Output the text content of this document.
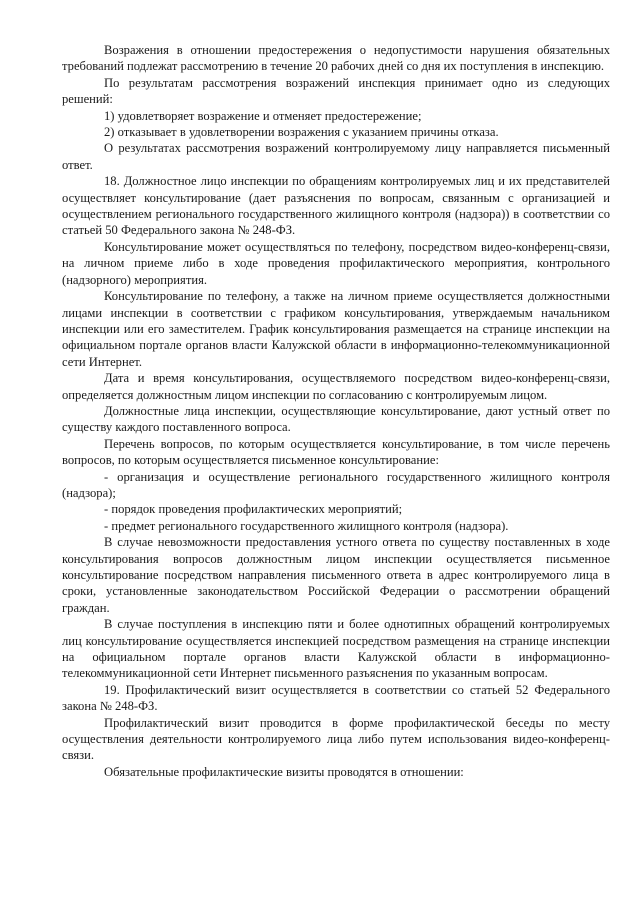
Возражения в отношении предостережения о недопустимости нарушения обязательных требований подлежат рассмотрению в течение 20 рабочих дней со дня их поступления в инспекцию.

По результатам рассмотрения возражений инспекция принимает одно из следующих решений:

1) удовлетворяет возражение и отменяет предостережение;

2) отказывает в удовлетворении возражения с указанием причины отказа.

О результатах рассмотрения возражений контролируемому лицу направляется письменный ответ.

18. Должностное лицо инспекции по обращениям контролируемых лиц и их представителей осуществляет консультирование (дает разъяснения по вопросам, связанным с организацией и осуществлением регионального государственного жилищного контроля (надзора)) в соответствии со статьей 50 Федерального закона № 248-ФЗ.

Консультирование может осуществляться по телефону, посредством видео-конференц-связи, на личном приеме либо в ходе проведения профилактического мероприятия, контрольного (надзорного) мероприятия.

Консультирование по телефону, а также на личном приеме осуществляется должностными лицами инспекции в соответствии с графиком консультирования, утверждаемым начальником инспекции или его заместителем. График консультирования размещается на странице инспекции на официальном портале органов власти Калужской области в информационно-телекоммуникационной сети Интернет.

Дата и время консультирования, осуществляемого посредством видео-конференц-связи, определяется должностным лицом инспекции по согласованию с контролируемым лицом.

Должностные лица инспекции, осуществляющие консультирование, дают устный ответ по существу каждого поставленного вопроса.

Перечень вопросов, по которым осуществляется консультирование, в том числе перечень вопросов, по которым осуществляется письменное консультирование:

- организация и осуществление регионального государственного жилищного контроля (надзора);

- порядок проведения профилактических мероприятий;

- предмет регионального государственного жилищного контроля (надзора).

В случае невозможности предоставления устного ответа по существу поставленных в ходе консультирования вопросов должностным лицом инспекции осуществляется письменное консультирование посредством направления письменного ответа в адрес контролируемого лица в сроки, установленные законодательством Российской Федерации о рассмотрении обращений граждан.

В случае поступления в инспекцию пяти и более однотипных обращений контролируемых лиц консультирование осуществляется инспекцией посредством размещения на странице инспекции на официальном портале органов власти Калужской области в информационно-телекоммуникационной сети Интернет письменного разъяснения по указанным вопросам.

19. Профилактический визит осуществляется в соответствии со статьей 52 Федерального закона № 248-ФЗ.

Профилактический визит проводится в форме профилактической беседы по месту осуществления деятельности контролируемого лица либо путем использования видео-конференц-связи.

Обязательные профилактические визиты проводятся в отношении:
